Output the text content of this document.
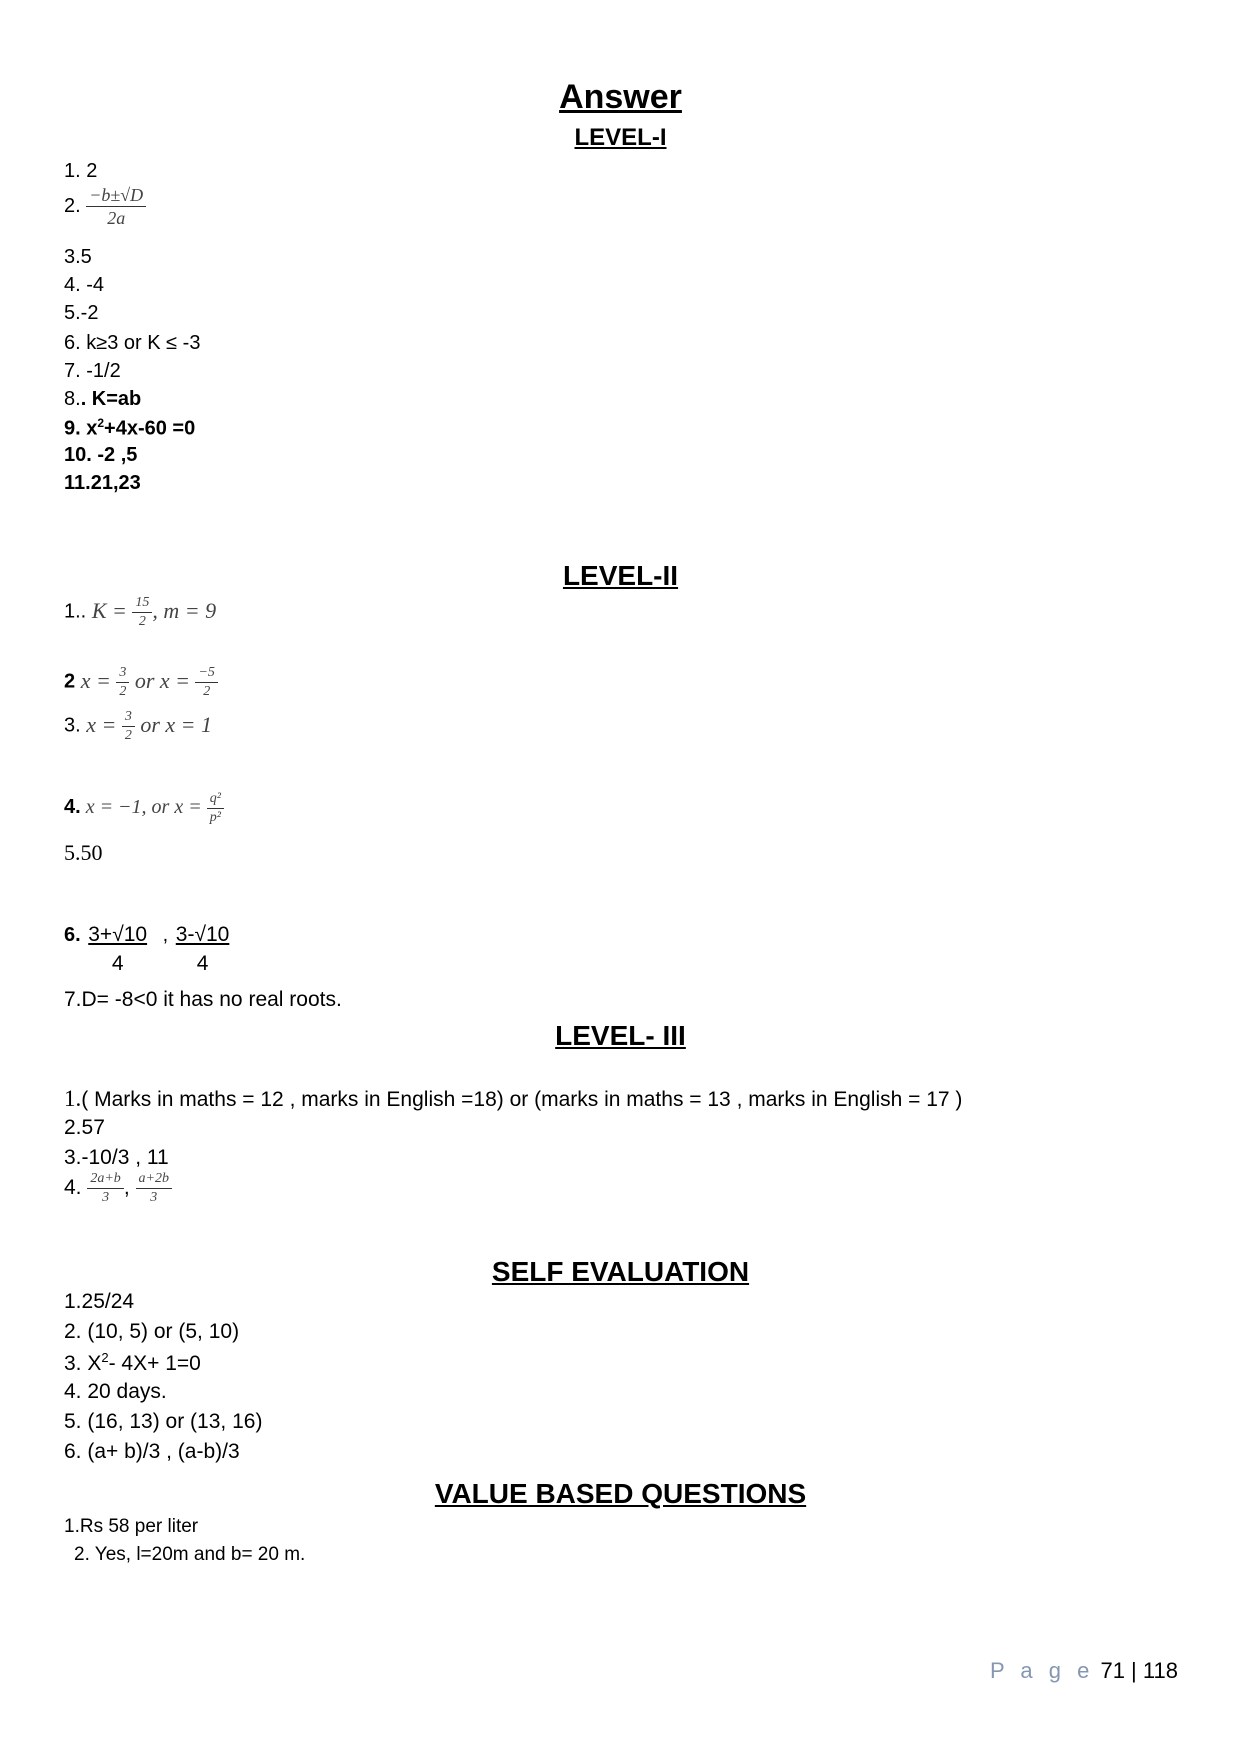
Answer
LEVEL-I
1. 2
2. $\frac{-b\pm√D}{2a}$
3.5
4. -4
5.-2
6. k≥3 or K ≤ -3
7. -1/2
8.. K=ab
9. $x^2+4x-60 =0$
10. -2 ,5
11.21,23
LEVEL-II
1.. $K = \frac{15}{2}$ , m = 9
2 $x = \frac{3}{2}$ or $x = \frac{-5}{2}$
3. $x = \frac{3}{2}$ or x = 1
4. x = −1, or $x = \frac{\text{q²}}{\text{p²}}$
5.50
6. $\frac{3+√10}{4}$ , $\frac{3-√10}{4}$
7.D= -8<0 it has no real roots.
LEVEL- III
1.( Marks in maths = 12 , marks in English =18) or (marks in maths = 13 , marks in English = 17 )
2.57
3.-10/3 , 11
4. $\frac{2a+b}{3}$ , $\frac{a+2b}{3}$
SELF EVALUATION
1.25/24
2. (10, 5) or (5, 10)
3. $X^2-$ 4X+ 1=0
4. 20 days.
5. (16, 13) or (13, 16)
6. (a+ b)/3 , (a-b)/3
VALUE BASED QUESTIONS
1.Rs 58 per liter
2. Yes, l=20m and b= 20 m.
P a g e 71 | 118
